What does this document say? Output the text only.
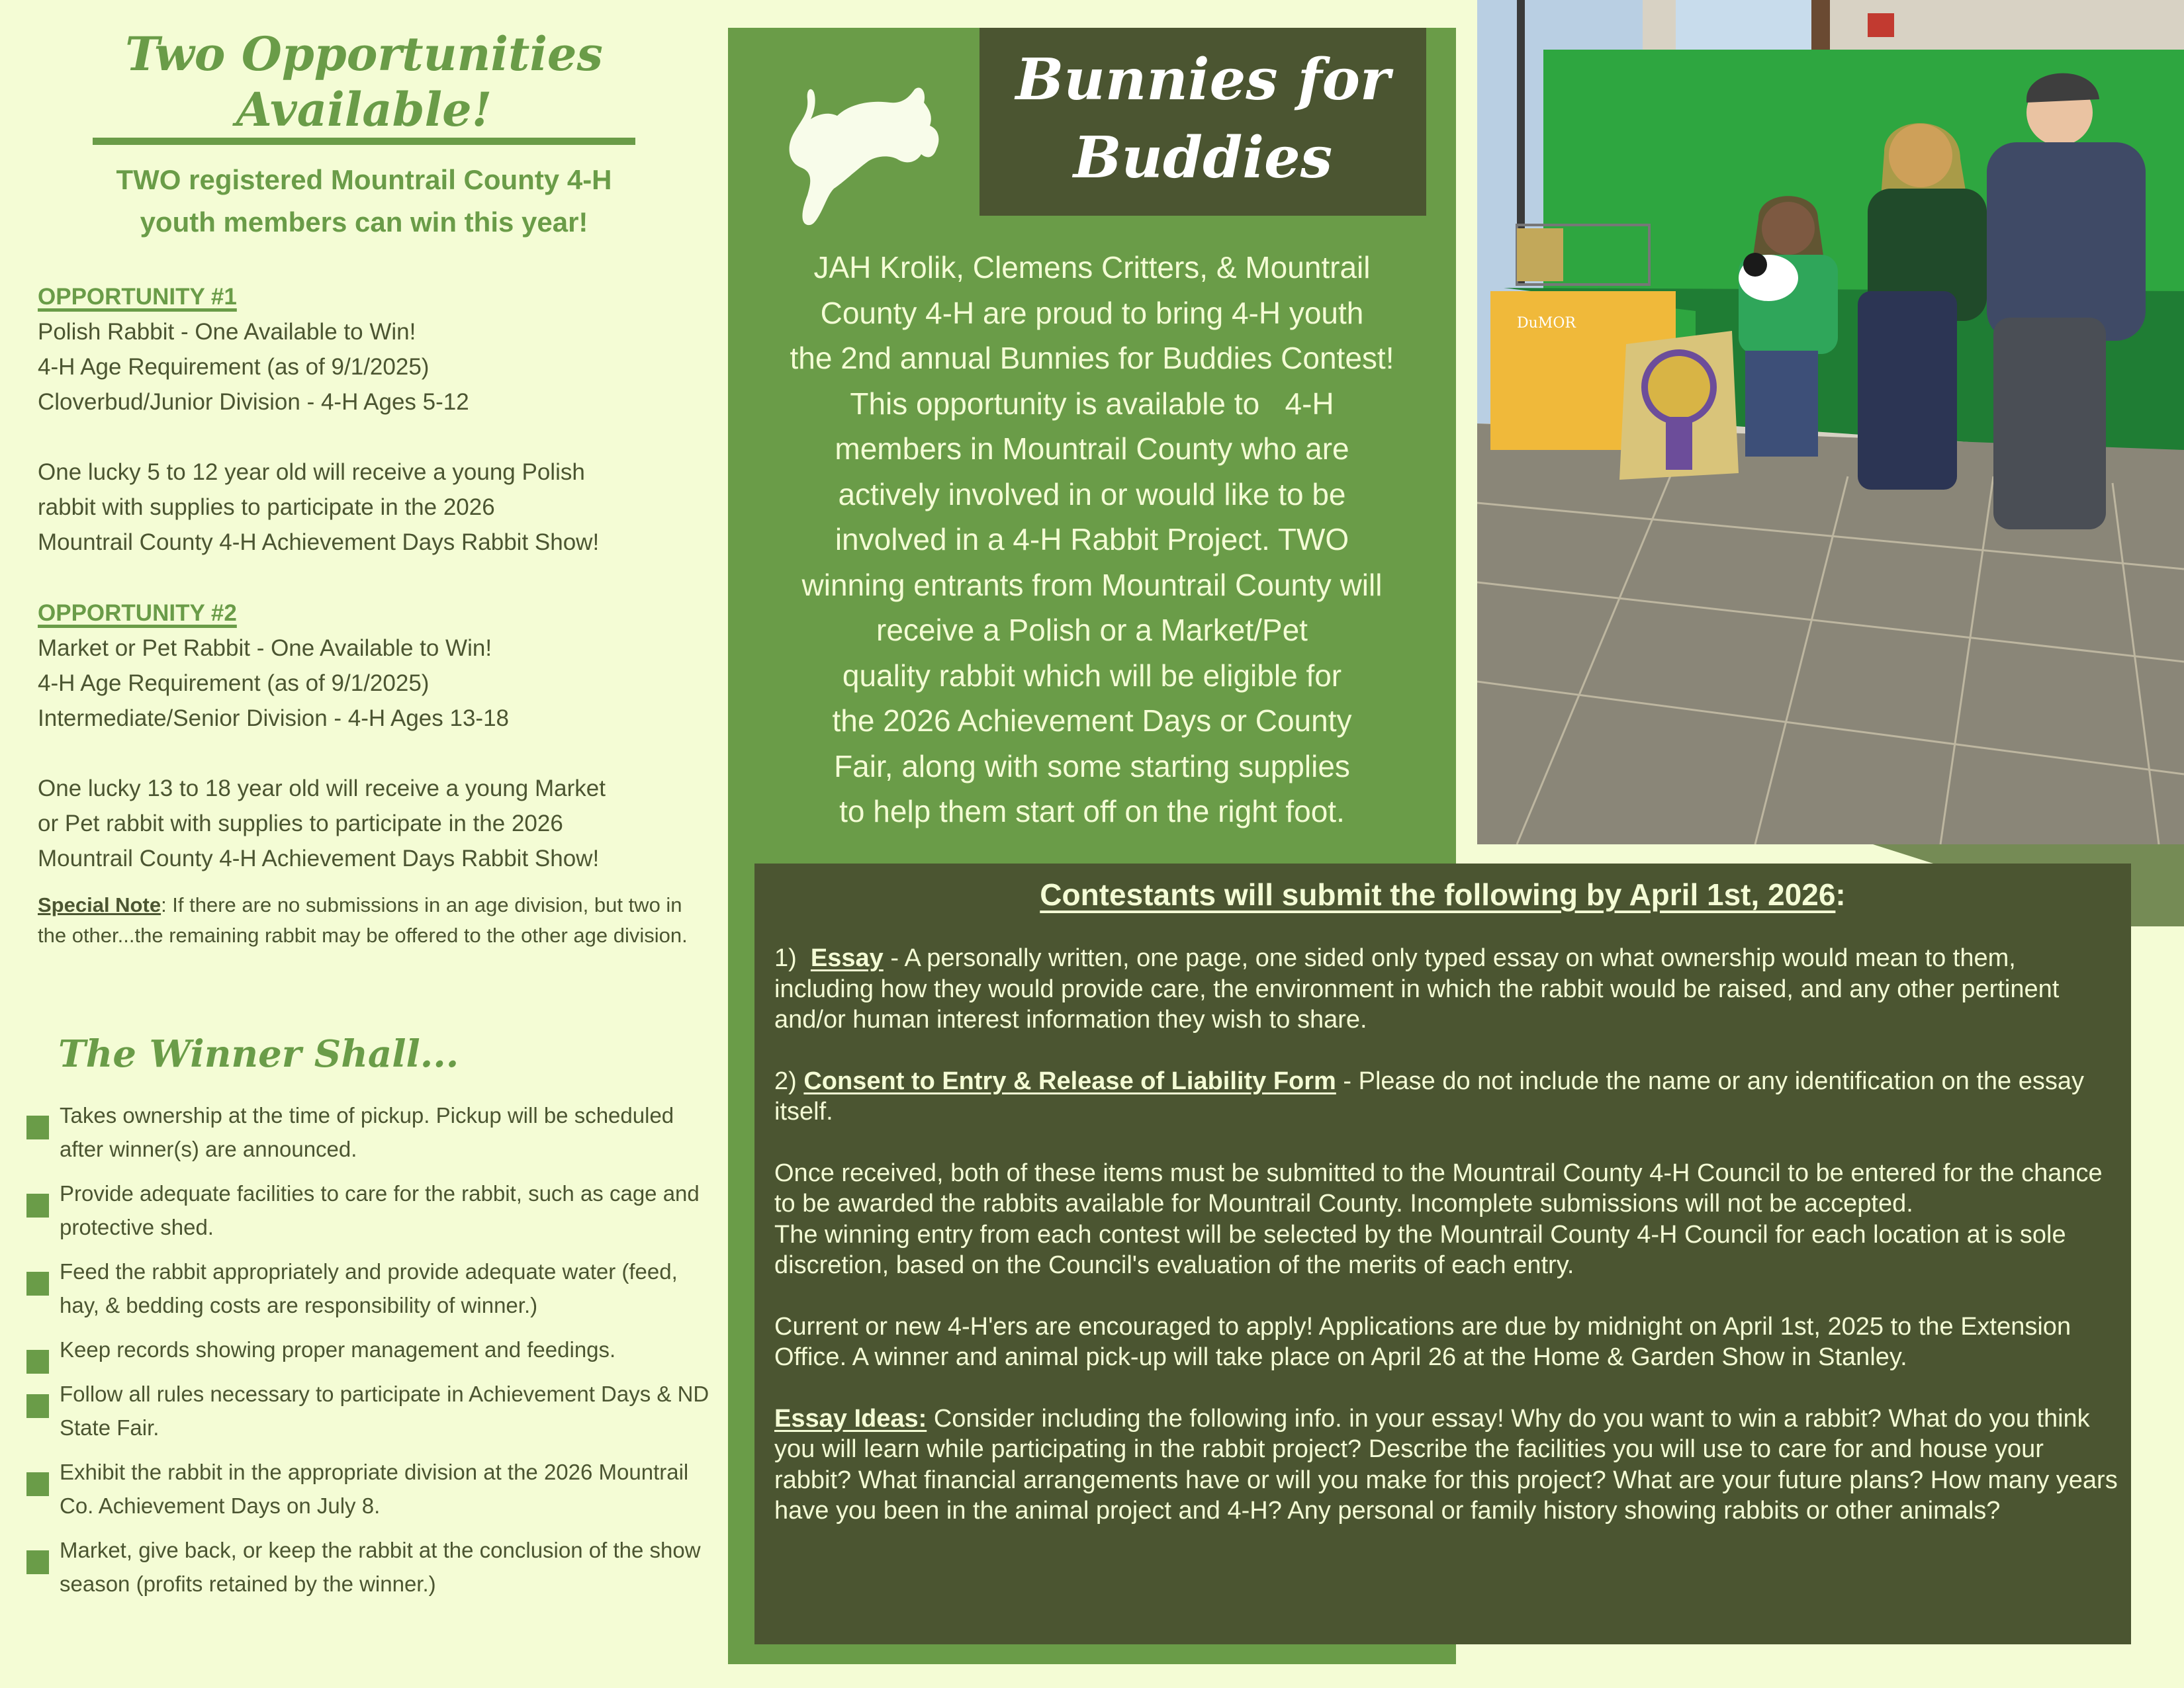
Two Opportunities
Available!
TWO registered Mountrail County 4-H
youth members can win this year!
OPPORTUNITY #1
Polish Rabbit - One Available to Win!
4-H Age Requirement (as of 9/1/2025)
Cloverbud/Junior Division - 4-H Ages 5-12
One lucky 5 to 12 year old will receive a young Polish
rabbit with supplies to participate in the 2026
Mountrail County 4-H Achievement Days Rabbit Show!
OPPORTUNITY #2
Market or Pet Rabbit - One Available to Win!
4-H Age Requirement (as of 9/1/2025)
Intermediate/Senior Division - 4-H Ages 13-18
One lucky 13 to 18 year old will receive a young Market
or Pet rabbit with supplies to participate in the 2026
Mountrail County 4-H Achievement Days Rabbit Show!
Special Note: If there are no submissions in an age division, but two in the other...the remaining rabbit may be offered to the other age division.
The Winner Shall...
Takes ownership at the time of pickup. Pickup will be scheduled after winner(s) are announced.
Provide adequate facilities to care for the rabbit, such as cage and protective shed.
Feed the rabbit appropriately and provide adequate water (feed, hay, & bedding costs are responsibility of winner.)
Keep records showing proper management and feedings.
Follow all rules necessary to participate in Achievement Days & ND State Fair.
Exhibit the rabbit in the appropriate division at the 2026 Mountrail Co. Achievement Days on July 8.
Market, give back, or keep the rabbit at the conclusion of the show season (profits retained by the winner.)
Bunnies for
Buddies
JAH Krolik, Clemens Critters, & Mountrail
County 4-H are proud to bring 4-H youth
the 2nd annual Bunnies for Buddies Contest!
This opportunity is available to   4-H
members in Mountrail County who are
actively involved in or would like to be
involved in a 4-H Rabbit Project. TWO
winning entrants from Mountrail County will
receive a Polish or a Market/Pet
quality rabbit which will be eligible for
the 2026 Achievement Days or County
Fair, along with some starting supplies
to help them start off on the right foot.
DuMOR
Contestants will submit the following by April 1st, 2026:

1)  Essay - A personally written, one page, one sided only typed essay on what ownership would mean to them, including how they would provide care, the environment in which the rabbit would be raised, and any other pertinent and/or human interest information they wish to share.

2) Consent to Entry & Release of Liability Form - Please do not include the name or any identification on the essay itself.

Once received, both of these items must be submitted to the Mountrail County 4-H Council to be entered for the chance to be awarded the rabbits available for Mountrail County. Incomplete submissions will not be accepted.

The winning entry from each contest will be selected by the Mountrail County 4-H Council for each location at is sole discretion, based on the Council's evaluation of the merits of each entry.

Current or new 4-H'ers are encouraged to apply! Applications are due by midnight on April 1st, 2025 to the Extension Office. A winner and animal pick-up will take place on April 26 at the Home & Garden Show in Stanley.

Essay Ideas: Consider including the following info. in your essay! Why do you want to win a rabbit? What do you think you will learn while participating in the rabbit project? Describe the facilities you will use to care for and house your rabbit? What financial arrangements have or will you make for this project? What are your future plans? How many years have you been in the animal project and 4-H? Any personal or family history showing rabbits or other animals?
